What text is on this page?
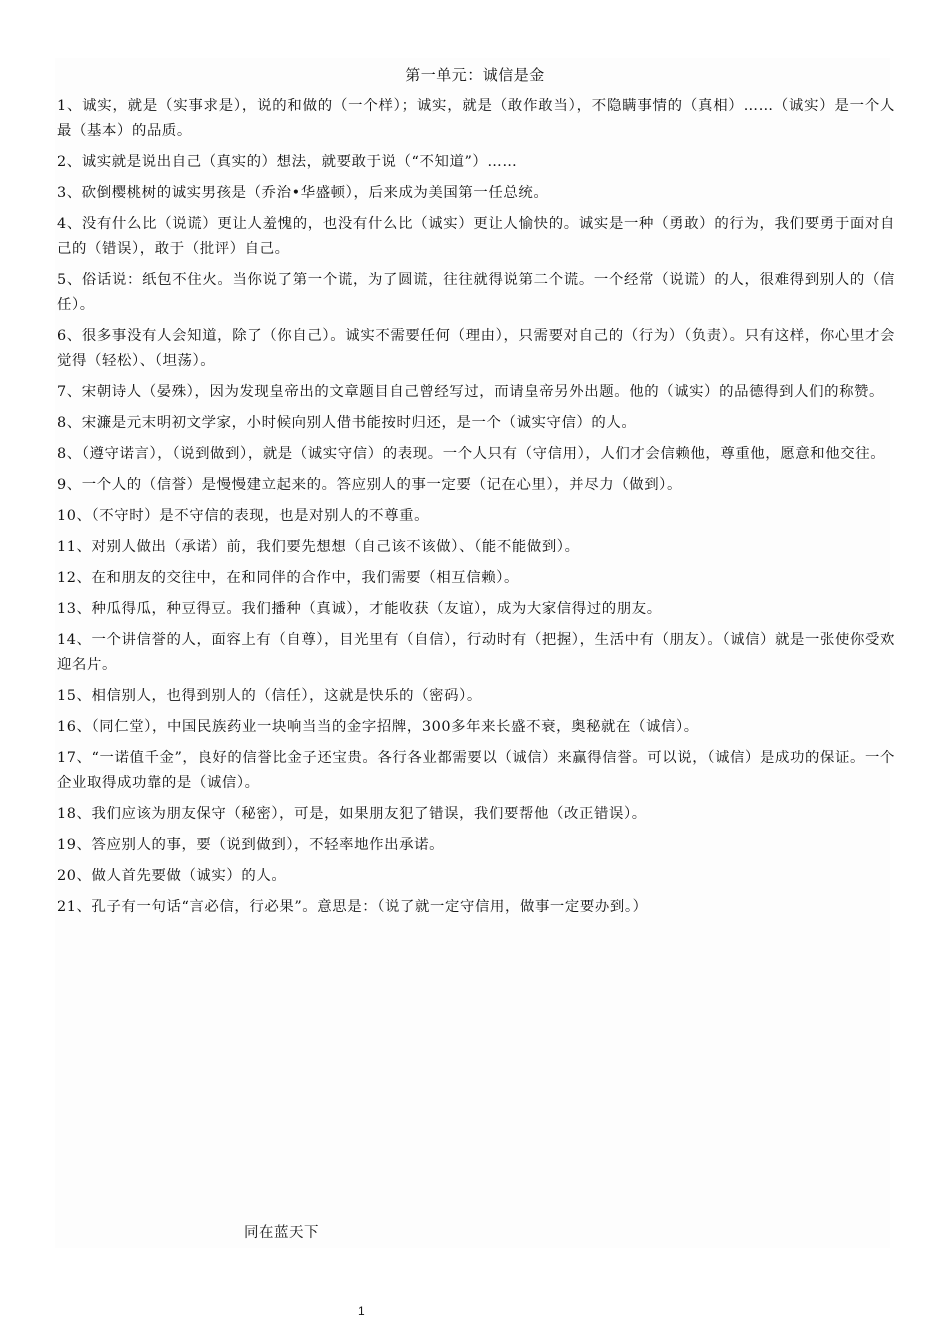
第一单元：诚信是金
1、诚实，就是（实事求是），说的和做的（一个样）；诚实，就是（敢作敢当），不隐瞒事情的（真相）……（诚实）是一个人最（基本）的品质。
2、诚实就是说出自己（真实的）想法，就要敢于说（“不知道”）……
3、砍倒樱桃树的诚实男孩是（乔治•华盛顿），后来成为美国第一任总统。
4、没有什么比（说谎）更让人羞愧的，也没有什么比（诚实）更让人愉快的。诚实是一种（勇敢）的行为，我们要勇于面对自己的（错误），敢于（批评）自己。
5、俗话说：纸包不住火。当你说了第一个谎，为了圆谎，往往就得说第二个谎。一个经常（说谎）的人，很难得到别人的（信任）。
6、很多事没有人会知道，除了（你自己）。诚实不需要任何（理由），只需要对自己的（行为）（负责）。只有这样，你心里才会觉得（轻松）、（坦荡）。
7、宋朝诗人（晏殊），因为发现皇帝出的文章题目自己曾经写过，而请皇帝另外出题。他的（诚实）的品德得到人们的称赞。
8、宋濂是元末明初文学家，小时候向别人借书能按时归还，是一个（诚实守信）的人。
8、（遵守诺言），（说到做到），就是（诚实守信）的表现。一个人只有（守信用），人们才会信赖他，尊重他，愿意和他交往。
9、一个人的（信誉）是慢慢建立起来的。答应别人的事一定要（记在心里），并尽力（做到）。
10、（不守时）是不守信的表现，也是对别人的不尊重。
11、对别人做出（承诺）前，我们要先想想（自己该不该做）、（能不能做到）。
12、在和朋友的交往中，在和同伴的合作中，我们需要（相互信赖）。
13、种瓜得瓜，种豆得豆。我们播种（真诚），才能收获（友谊），成为大家信得过的朋友。
14、一个讲信誉的人，面容上有（自尊），目光里有（自信），行动时有（把握），生活中有（朋友）。（诚信）就是一张使你受欢迎名片。
15、相信别人，也得到别人的（信任），这就是快乐的（密码）。
16、（同仁堂），中国民族药业一块响当当的金字招牌，300多年来长盛不衰，奥秘就在（诚信）。
17、“一诺值千金”，良好的信誉比金子还宝贵。各行各业都需要以（诚信）来赢得信誉。可以说，（诚信）是成功的保证。一个企业取得成功靠的是（诚信）。
18、我们应该为朋友保守（秘密），可是，如果朋友犯了错误，我们要帮他（改正错误）。
19、答应别人的事，要（说到做到），不轻率地作出承诺。
20、做人首先要做（诚实）的人。
21、孔子有一句话“言必信，行必果”。意思是：（说了就一定守信用，做事一定要办到。）
同在蓝天下
1
